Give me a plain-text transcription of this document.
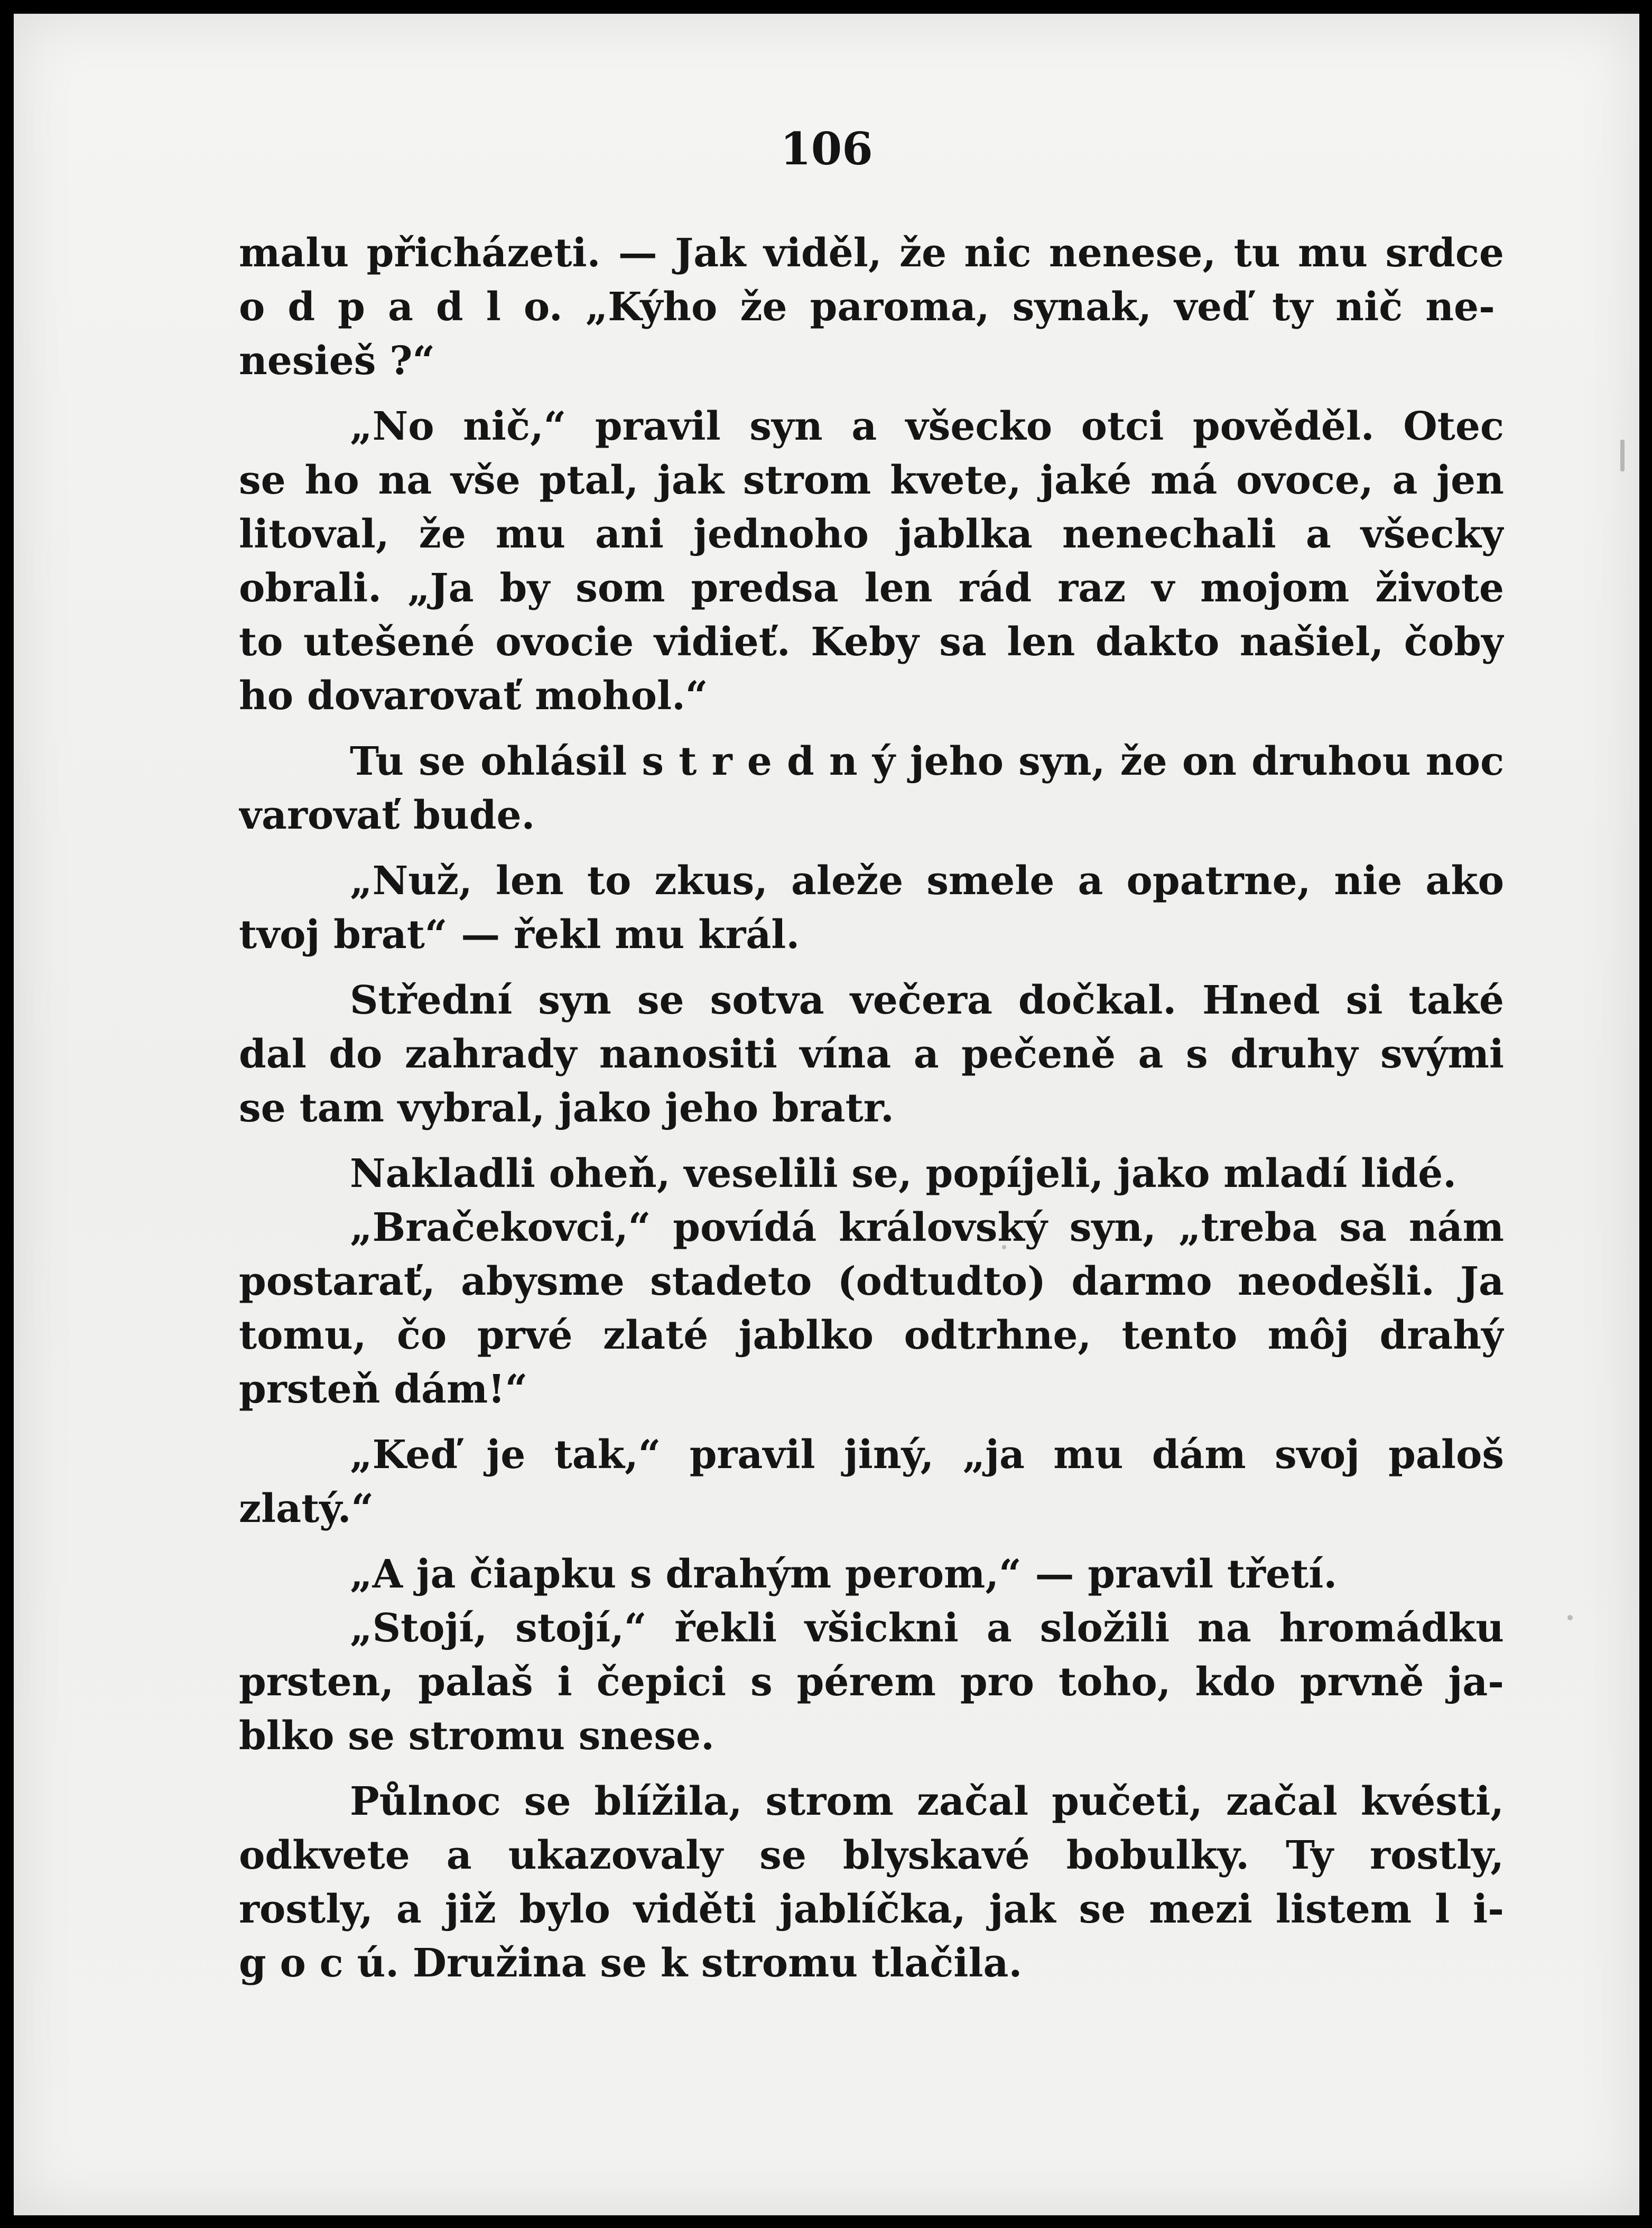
106
malu přicházeti. — Jak viděl, že nic nenese, tu mu srdce
o d p a d l o. „Kýho že paroma, synak, veď ty nič ne-
nesieš ?“
„No nič,“ pravil syn a všecko otci pověděl. Otec
se ho na vše ptal, jak strom kvete, jaké má ovoce, a jen
litoval, že mu ani jednoho jablka nenechali a všecky
obrali. „Ja by som predsa len rád raz v mojom živote
to utešené ovocie vidieť. Keby sa len dakto našiel, čoby
ho dovarovať mohol.“
Tu se ohlásil s t r e d n ý jeho syn, že on druhou noc
varovať bude.
„Nuž, len to zkus, aleže smele a opatrne, nie ako
tvoj brat“ — řekl mu král.
Střední syn se sotva večera dočkal. Hned si také
dal do zahrady nanositi vína a pečeně a s druhy svými
se tam vybral, jako jeho bratr.
Nakladli oheň, veselili se, popíjeli, jako mladí lidé.
„Bračekovci,“ povídá královský syn, „treba sa nám
postarať, abysme stadeto (odtudto) darmo neodešli. Ja
tomu, čo prvé zlaté jablko odtrhne, tento môj drahý
prsteň dám!“
„Keď je tak,“ pravil jiný, „ja mu dám svoj paloš
zlatý.“
„A ja čiapku s drahým perom,“ — pravil třetí.
„Stojí, stojí,“ řekli všickni a složili na hromádku
prsten, palaš i čepici s pérem pro toho, kdo prvně ja-
blko se stromu snese.
Půlnoc se blížila, strom začal pučeti, začal kvésti,
odkvete a ukazovaly se blyskavé bobulky. Ty rostly,
rostly, a již bylo viděti jablíčka, jak se mezi listem l i-
g o c ú. Družina se k stromu tlačila.
